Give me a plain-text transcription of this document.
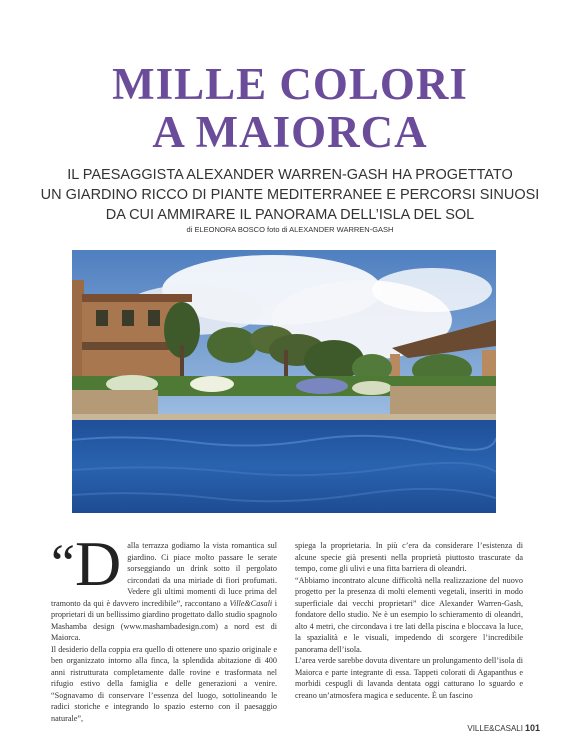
MILLE COLORI
A MAIORCA
IL PAESAGGISTA ALEXANDER WARREN-GASH HA PROGETTATO
UN GIARDINO RICCO DI PIANTE MEDITERRANEE E PERCORSI SINUOSI
DA CUI AMMIRARE IL PANORAMA DELL’ISLA DEL SOL
di ELEONORA BOSCO foto di ALEXANDER WARREN-GASH
“D alla terrazza godiamo la vista romantica sul giardino. Ci piace molto passare le serate sorseggiando un drink sotto il pergolato circondati da una miriade di fiori profumati. Vedere gli ultimi momenti di luce prima del tramonto da qui è davvero incredibile”, raccontano a Ville&Casali i proprietari di un bellissimo giardino progettato dallo studio spagnolo Mashamba design (www.mashambadesign.com) a nord est di Maiorca.

Il desiderio della coppia era quello di ottenere uno spazio originale e ben organizzato intorno alla finca, la splendida abitazione di 400 anni ristrutturata completamente dalle rovine e trasformata nel rifugio estivo della famiglia e delle generazioni a venire. “Sognavamo di conservare l’essenza del luogo, sottolineando le radici storiche e integrando lo spazio esterno con il paesaggio naturale”,

spiega la proprietaria. In più c’era da considerare l’esistenza di alcune specie già presenti nella proprietà piuttosto trascurate da tempo, come gli ulivi e una fitta barriera di oleandri.

“Abbiamo incontrato alcune difficoltà nella realizzazione del nuovo progetto per la presenza di molti elementi vegetali, inseriti in modo superficiale dai vecchi proprietari” dice Alexander Warren-Gash, fondatore dello studio. Ne è un esempio lo schieramento di oleandri, alto 4 metri, che circondava i tre lati della piscina e bloccava la luce, la spazialità e le visuali, impedendo di scorgere l’incredibile panorama dell’isola.

L’area verde sarebbe dovuta diventare un prolungamento dell’isola di Maiorca e parte integrante di essa. Tappeti colorati di Agapanthus e morbidi cespugli di lavanda dentata oggi catturano lo sguardo e creano un’atmosfera magica e seducente. È un fascino

VILLE&CASALI 101
